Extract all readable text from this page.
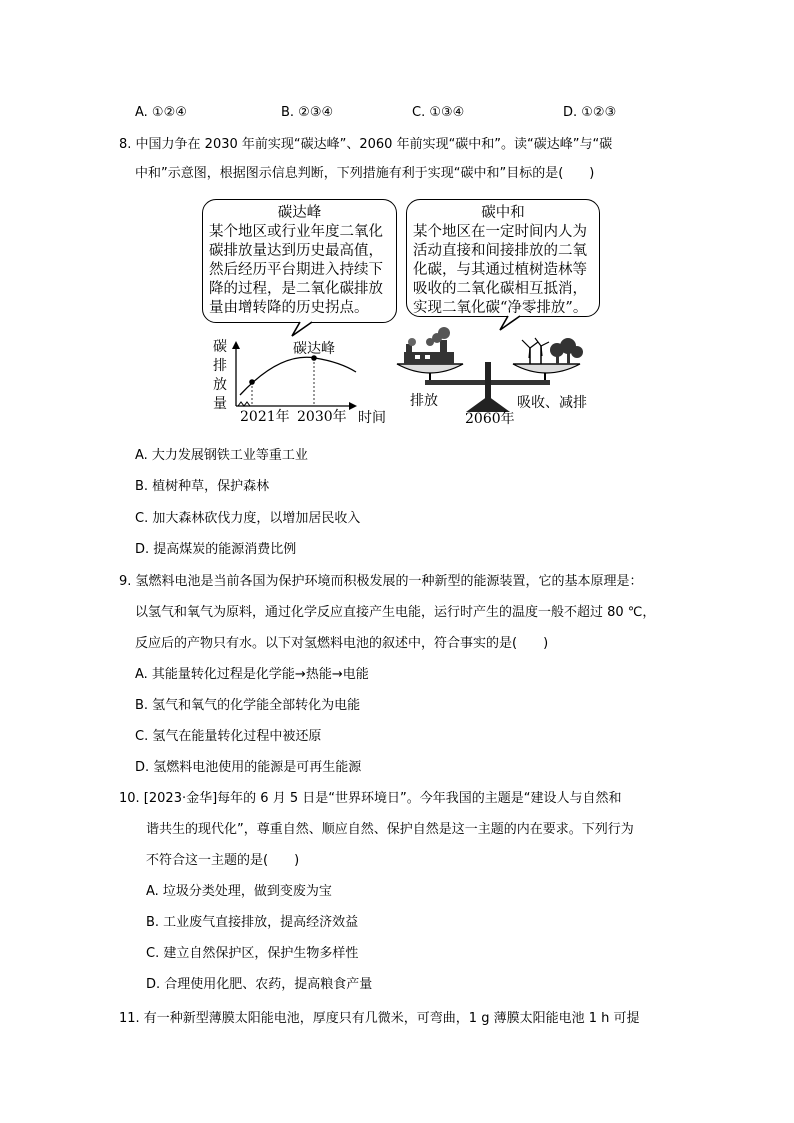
A. ①②④	B. ②③④	C. ①③④	D. ①②③
8. 中国力争在 2030 年前实现“碳达峰”、2060 年前实现“碳中和”。读“碳达峰”与“碳
中和”示意图，根据图示信息判断，下列措施有利于实现“碳中和”目标的是(　　)
碳达峰
某个地区或行业年度二氧化
碳排放量达到历史最高值，
然后经历平台期进入持续下
降的过程，是二氧化碳排放
量由增转降的历史拐点。
碳中和
某个地区在一定时间内人为
活动直接和间接排放的二氧
化碳，与其通过植树造林等
吸收的二氧化碳相互抵消，
实现二氧化碳“净零排放”。
碳
排
放
量
碳达峰
2021年 2030年 时间
排放	吸收、减排
2060年
A. 大力发展钢铁工业等重工业
B. 植树种草，保护森林
C. 加大森林砍伐力度，以增加居民收入
D. 提高煤炭的能源消费比例
9. 氢燃料电池是当前各国为保护环境而积极发展的一种新型的能源装置，它的基本原理是：
以氢气和氧气为原料，通过化学反应直接产生电能，运行时产生的温度一般不超过 80 ℃，
反应后的产物只有水。以下对氢燃料电池的叙述中，符合事实的是(　　)
A. 其能量转化过程是化学能→热能→电能
B. 氢气和氧气的化学能全部转化为电能
C. 氢气在能量转化过程中被还原
D. 氢燃料电池使用的能源是可再生能源
10. [2023·金华]每年的 6 月 5 日是“世界环境日”。今年我国的主题是“建设人与自然和
谐共生的现代化”，尊重自然、顺应自然、保护自然是这一主题的内在要求。下列行为
不符合这一主题的是(　　)
A. 垃圾分类处理，做到变废为宝
B. 工业废气直接排放，提高经济效益
C. 建立自然保护区，保护生物多样性
D. 合理使用化肥、农药，提高粮食产量
11. 有一种新型薄膜太阳能电池，厚度只有几微米，可弯曲，1 g 薄膜太阳能电池 1 h 可提
